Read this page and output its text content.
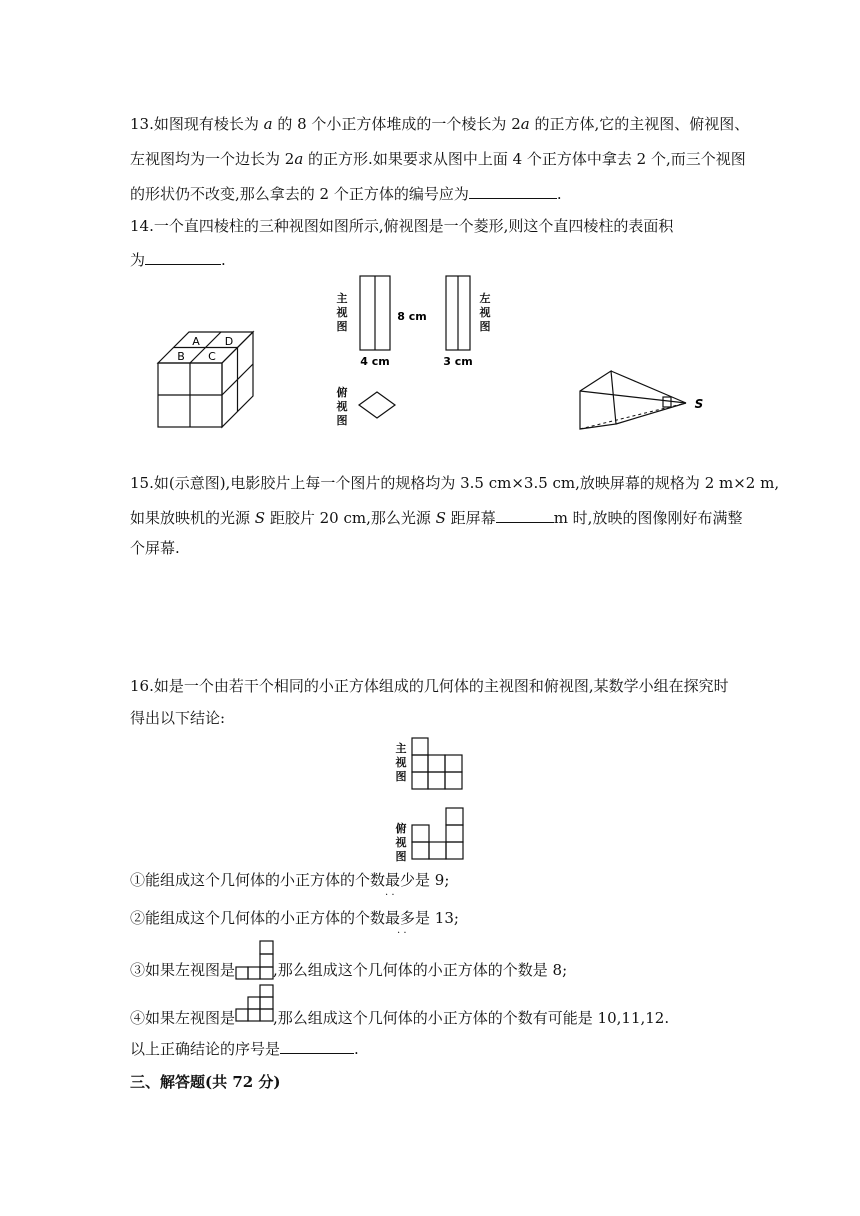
13.如图现有棱长为 a 的 8 个小正方体堆成的一个棱长为 2a 的正方体,它的主视图、俯视图、
左视图均为一个边长为 2a 的正方形.如果要求从图中上面 4 个正方体中拿去 2 个,而三个视图
的形状仍不改变,那么拿去的 2 个正方体的编号应为	.
14.一个直四棱柱的三种视图如图所示,俯视图是一个菱形,则这个直四棱柱的表面积
为	.
A D
B C
主视图
左视图
俯视图
8 cm
4 cm	3 cm
S
15.如(示意图),电影胶片上每一个图片的规格均为 3.5 cm×3.5 cm,放映屏幕的规格为 2 m×2 m,
如果放映机的光源 S 距胶片 20 cm,那么光源 S 距屏幕	m 时,放映的图像刚好布满整
个屏幕.
16.如是一个由若干个相同的小正方体组成的几何体的主视图和俯视图,某数学小组在探究时
得出以下结论:
主视图
俯视图
①能组成这个几何体的小正方体的个数最少是 9;
. .
②能组成这个几何体的小正方体的个数最多是 13;
. .
③如果左视图是	,那么组成这个几何体的小正方体的个数是 8;
④如果左视图是	,那么组成这个几何体的小正方体的个数有可能是 10,11,12.
以上正确结论的序号是	.
三、解答题(共 72 分)
